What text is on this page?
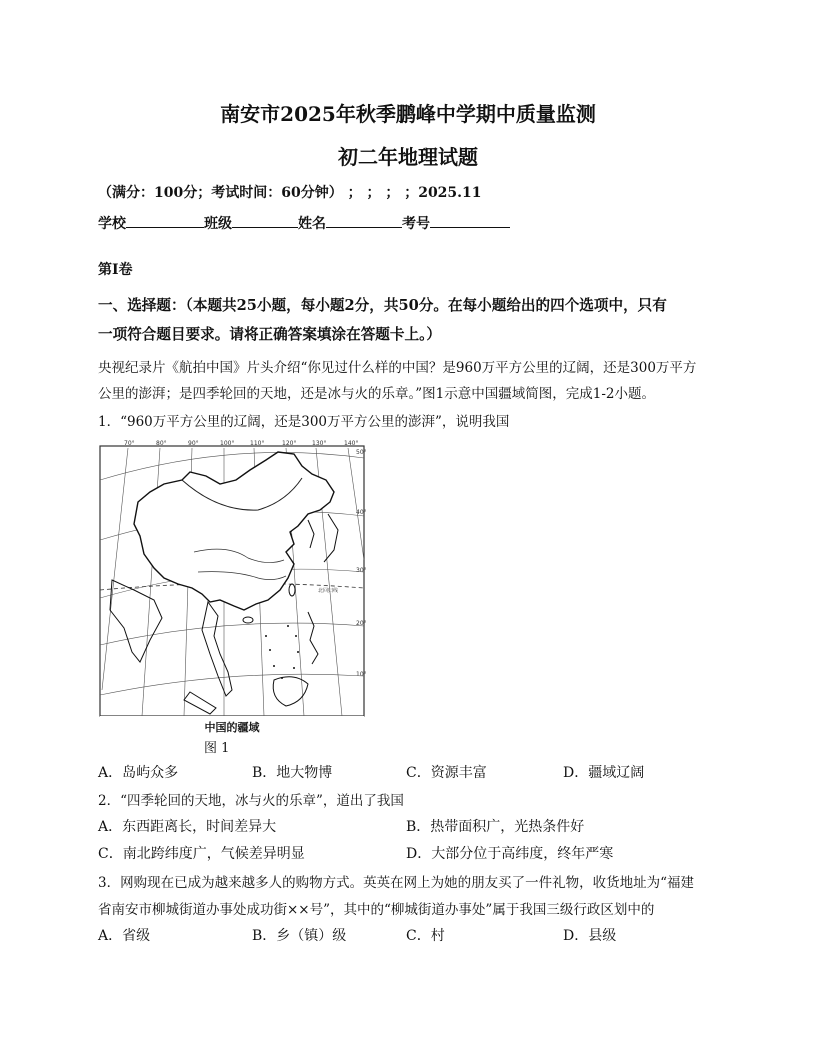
南安市2025年秋季鹏峰中学期中质量监测
初二年地理试题
（满分：100分；考试时间：60分钟） ； ； ； ；2025.11
学校	班级	姓名	考号
第Ⅰ卷
一、选择题：（本题共25小题，每小题2分，共50分。在每小题给出的四个选项中，只有
一项符合题目要求。请将正确答案填涂在答题卡上。）
央视纪录片《航拍中国》片头介绍“你见过什么样的中国？是960万平方公里的辽阔，还是300万平方
公里的澎湃；是四季轮回的天地，还是冰与火的乐章。”图1示意中国疆域简图，完成1-2小题。
1．“960万平方公里的辽阔，还是300万平方公里的澎湃”，说明我国
70°	80°	90°	100°	110°	120°	130°	140°
50°
40°
30°
20°
10°
北回归线
中国的疆域
图 1
A．岛屿众多	B．地大物博	C．资源丰富	D．疆域辽阔
2．“四季轮回的天地，冰与火的乐章”，道出了我国
A．东西距离长，时间差异大	B．热带面积广，光热条件好
C．南北跨纬度广，气候差异明显	D．大部分位于高纬度，终年严寒
3．网购现在已成为越来越多人的购物方式。英英在网上为她的朋友买了一件礼物，收货地址为“福建
省南安市柳城街道办事处成功街××号”，其中的“柳城街道办事处”属于我国三级行政区划中的
A．省级	B．乡（镇）级	C．村	D．县级
